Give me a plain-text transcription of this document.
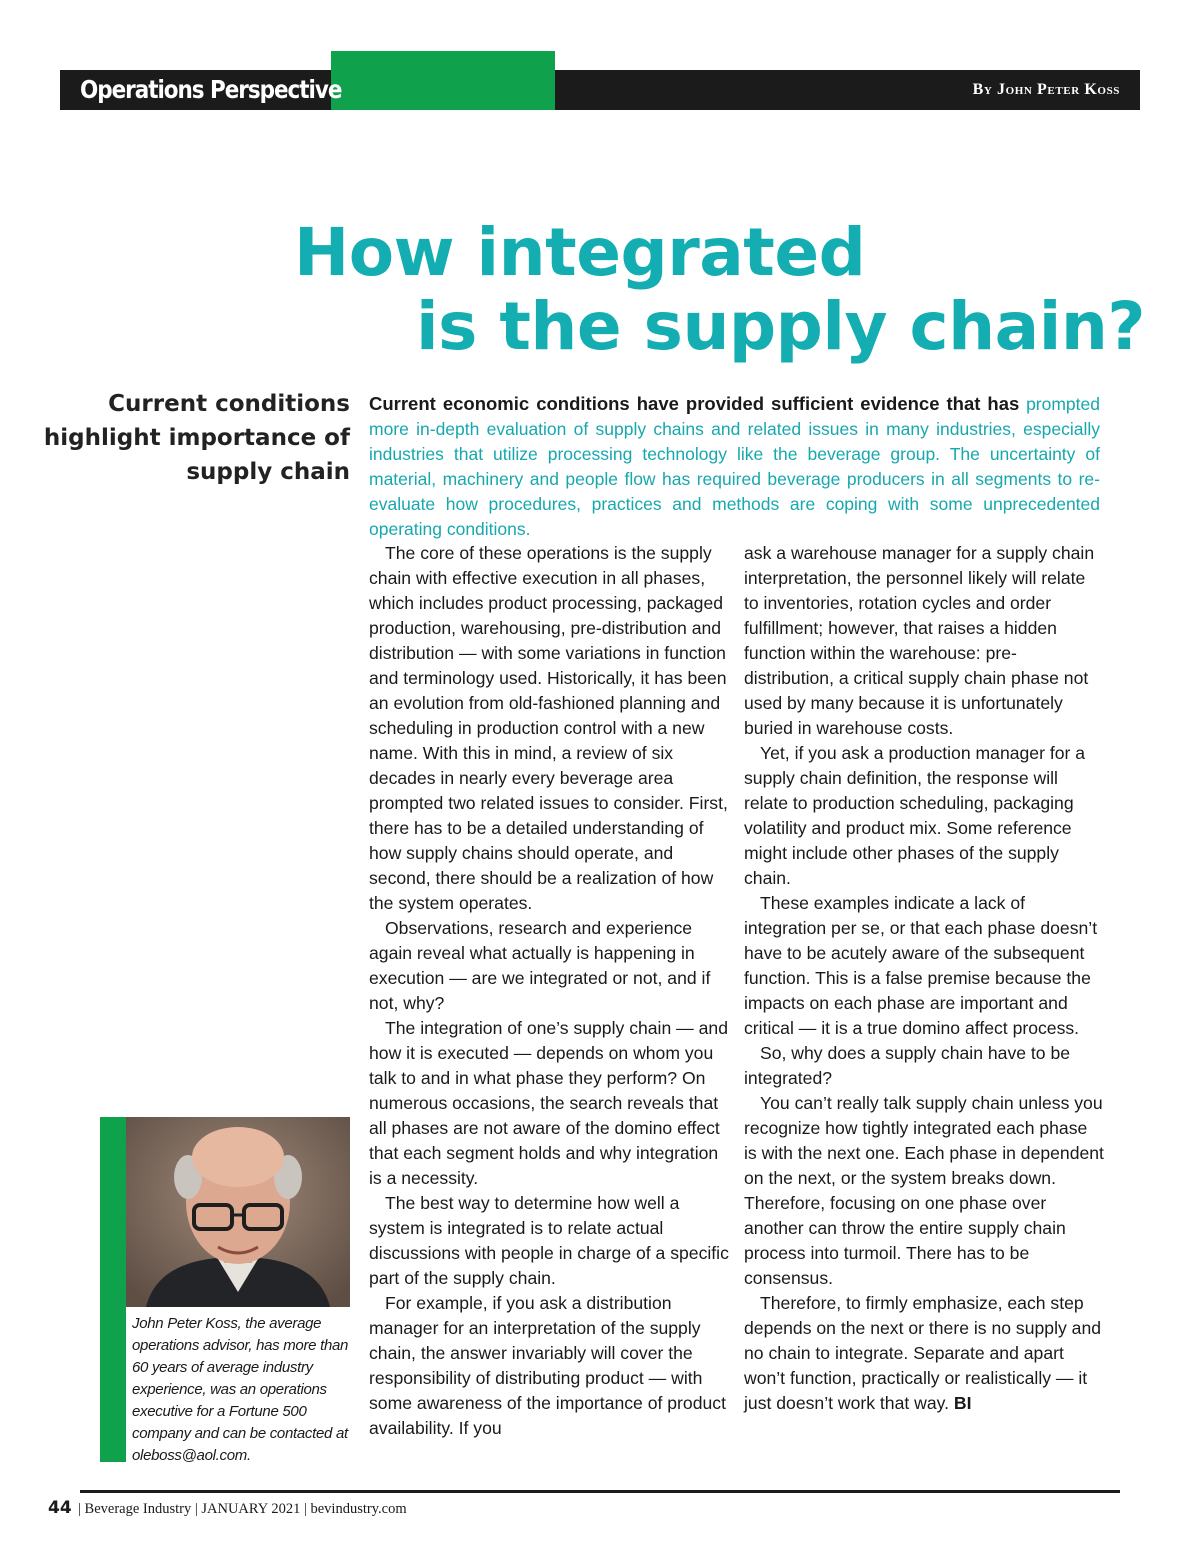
Operations Perspective	By John Peter Koss
How integrated
is the supply chain?
Current conditions highlight importance of supply chain

Current economic conditions have provided sufficient evidence that has prompted more in-depth evaluation of supply chains and related issues in many industries, especially industries that utilize processing technology like the beverage group. The uncertainty of material, machinery and people flow has required beverage producers in all segments to re-evaluate how procedures, practices and methods are coping with some unprecedented operating conditions.

The core of these operations is the supply chain with effective execution in all phases, which includes product processing, packaged production, warehousing, pre-distribution and distribution — with some variations in function and terminology used. Historically, it has been an evolution from old-fashioned planning and scheduling in production control with a new name. With this in mind, a review of six decades in nearly every beverage area prompted two related issues to consider. First, there has to be a detailed understanding of how supply chains should operate, and second, there should be a realization of how the system operates.

Observations, research and experience again reveal what actually is happening in execution — are we integrated or not, and if not, why?

The integration of one’s supply chain — and how it is executed — depends on whom you talk to and in what phase they perform? On numerous occasions, the search reveals that all phases are not aware of the domino effect that each segment holds and why integration is a necessity.

The best way to determine how well a system is integrated is to relate actual discussions with people in charge of a specific part of the supply chain.

For example, if you ask a distribution manager for an interpretation of the supply chain, the answer invariably will cover the responsibility of distributing product — with some awareness of the importance of product availability. If you

ask a warehouse manager for a supply chain interpretation, the personnel likely will relate to inventories, rotation cycles and order fulfillment; however, that raises a hidden function within the warehouse: pre-distribution, a critical supply chain phase not used by many because it is unfortunately buried in warehouse costs.

Yet, if you ask a production manager for a supply chain definition, the response will relate to production scheduling, packaging volatility and product mix. Some reference might include other phases of the supply chain.

These examples indicate a lack of integration per se, or that each phase doesn’t have to be acutely aware of the subsequent function. This is a false premise because the impacts on each phase are important and critical — it is a true domino affect process.

So, why does a supply chain have to be integrated?

You can’t really talk supply chain unless you recognize how tightly integrated each phase is with the next one. Each phase in dependent on the next, or the system breaks down. Therefore, focusing on one phase over another can throw the entire supply chain process into turmoil. There has to be consensus.

Therefore, to firmly emphasize, each step depends on the next or there is no supply and no chain to integrate. Separate and apart won’t function, practically or realistically — it just doesn’t work that way. BI

John Peter Koss, the average operations advisor, has more than 60 years of average industry experience, was an operations executive for a Fortune 500 company and can be contacted at oleboss@aol.com.

44 | Beverage Industry | JANUARY 2021 | bevindustry.com
